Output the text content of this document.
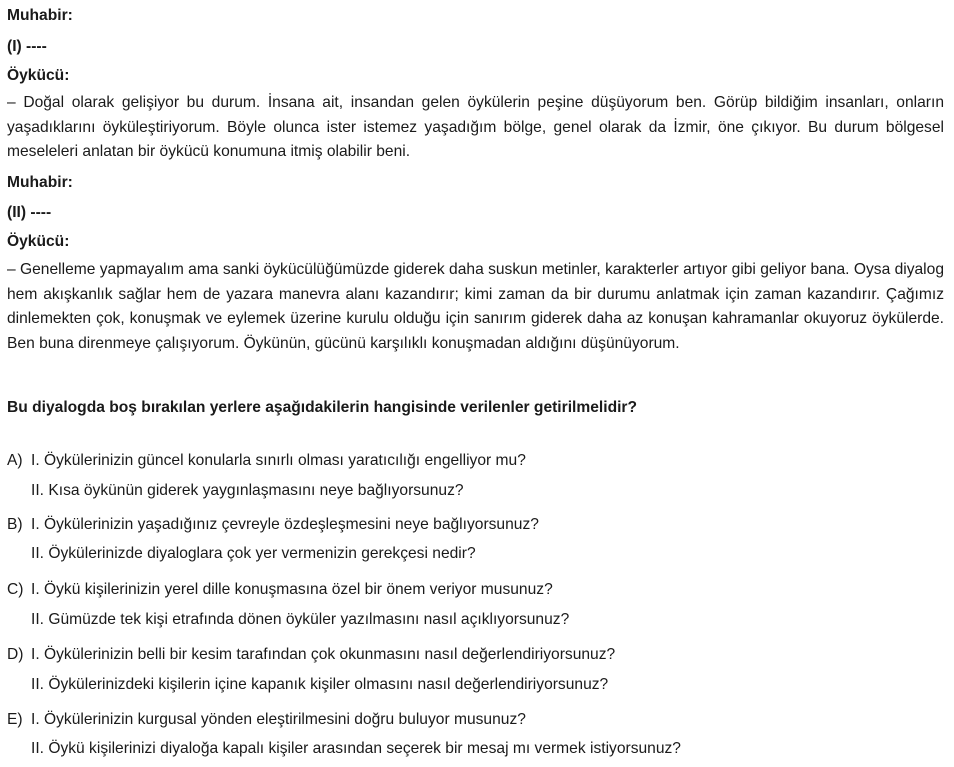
Muhabir:
(I) ----
Öykücü:
– Doğal olarak gelişiyor bu durum. İnsana ait, insandan gelen öykülerin peşine düşüyorum ben. Görüp bildiğim insanları, onların yaşadıklarını öyküleştiriyorum. Böyle olunca ister istemez yaşadığım bölge, genel olarak da İzmir, öne çıkıyor. Bu durum bölgesel meseleleri anlatan bir öykücü konumuna itmiş olabilir beni.
Muhabir:
(II) ----
Öykücü:
– Genelleme yapmayalım ama sanki öykücülüğümüzde giderek daha suskun metinler, karakterler artıyor gibi geliyor bana. Oysa diyalog hem akışkanlık sağlar hem de yazara manevra alanı kazandırır; kimi zaman da bir durumu anlatmak için zaman kazandırır. Çağımız dinlemekten çok, konuşmak ve eylemek üzerine kurulu olduğu için sanırım giderek daha az konuşan kahramanlar okuyoruz öykülerde. Ben buna direnmeye çalışıyorum. Öykünün, gücünü karşılıklı konuşmadan aldığını düşünüyorum.
Bu diyalogda boş bırakılan yerlere aşağıdakilerin hangisinde verilenler getirilmelidir?
A) I. Öykülerinizin güncel konularla sınırlı olması yaratıcılığı engelliyor mu?
II. Kısa öykünün giderek yaygınlaşmasını neye bağlıyorsunuz?
B) I. Öykülerinizin yaşadığınız çevreyle özdeşleşmesini neye bağlıyorsunuz?
II. Öykülerinizde diyaloglara çok yer vermenizin gerekçesi nedir?
C) I. Öykü kişilerinizin yerel dille konuşmasına özel bir önem veriyor musunuz?
II. Gümüzde tek kişi etrafında dönen öyküler yazılmasını nasıl açıklıyorsunuz?
D) I. Öykülerinizin belli bir kesim tarafından çok okunmasını nasıl değerlendiriyorsunuz?
II. Öykülerinizdeki kişilerin içine kapanık kişiler olmasını nasıl değerlendiriyorsunuz?
E) I. Öykülerinizin kurgusal yönden eleştirilmesini doğru buluyor musunuz?
II. Öykü kişilerinizi diyaloğa kapalı kişiler arasından seçerek bir mesaj mı vermek istiyorsunuz?
